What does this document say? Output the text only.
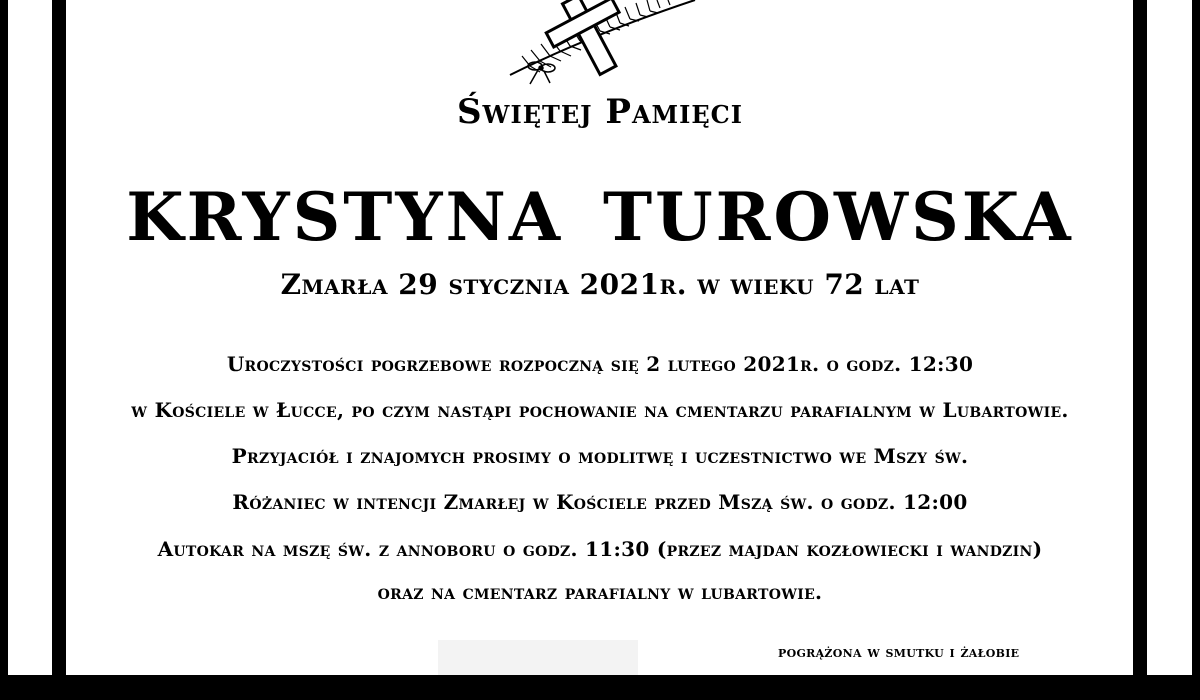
Świętej Pamięci
KRYSTYNA TUROWSKA
Zmarła 29 stycznia 2021r. w wieku 72 lat
Uroczystości pogrzebowe rozpoczną się 2 lutego 2021r. o godz. 12:30
w Kościele w Łucce, po czym nastąpi pochowanie na cmentarzu parafialnym w Lubartowie.
Przyjaciół i znajomych prosimy o modlitwę i uczestnictwo we Mszy św.
Różaniec w intencji Zmarłej w Kościele przed Mszą św. o godz. 12:00
Autokar na mszę św. z annoboru o godz. 11:30 (przez majdan kozłowiecki i wandzin)
oraz na cmentarz parafialny w lubartowie.
pogrążona w smutku i żałobie
